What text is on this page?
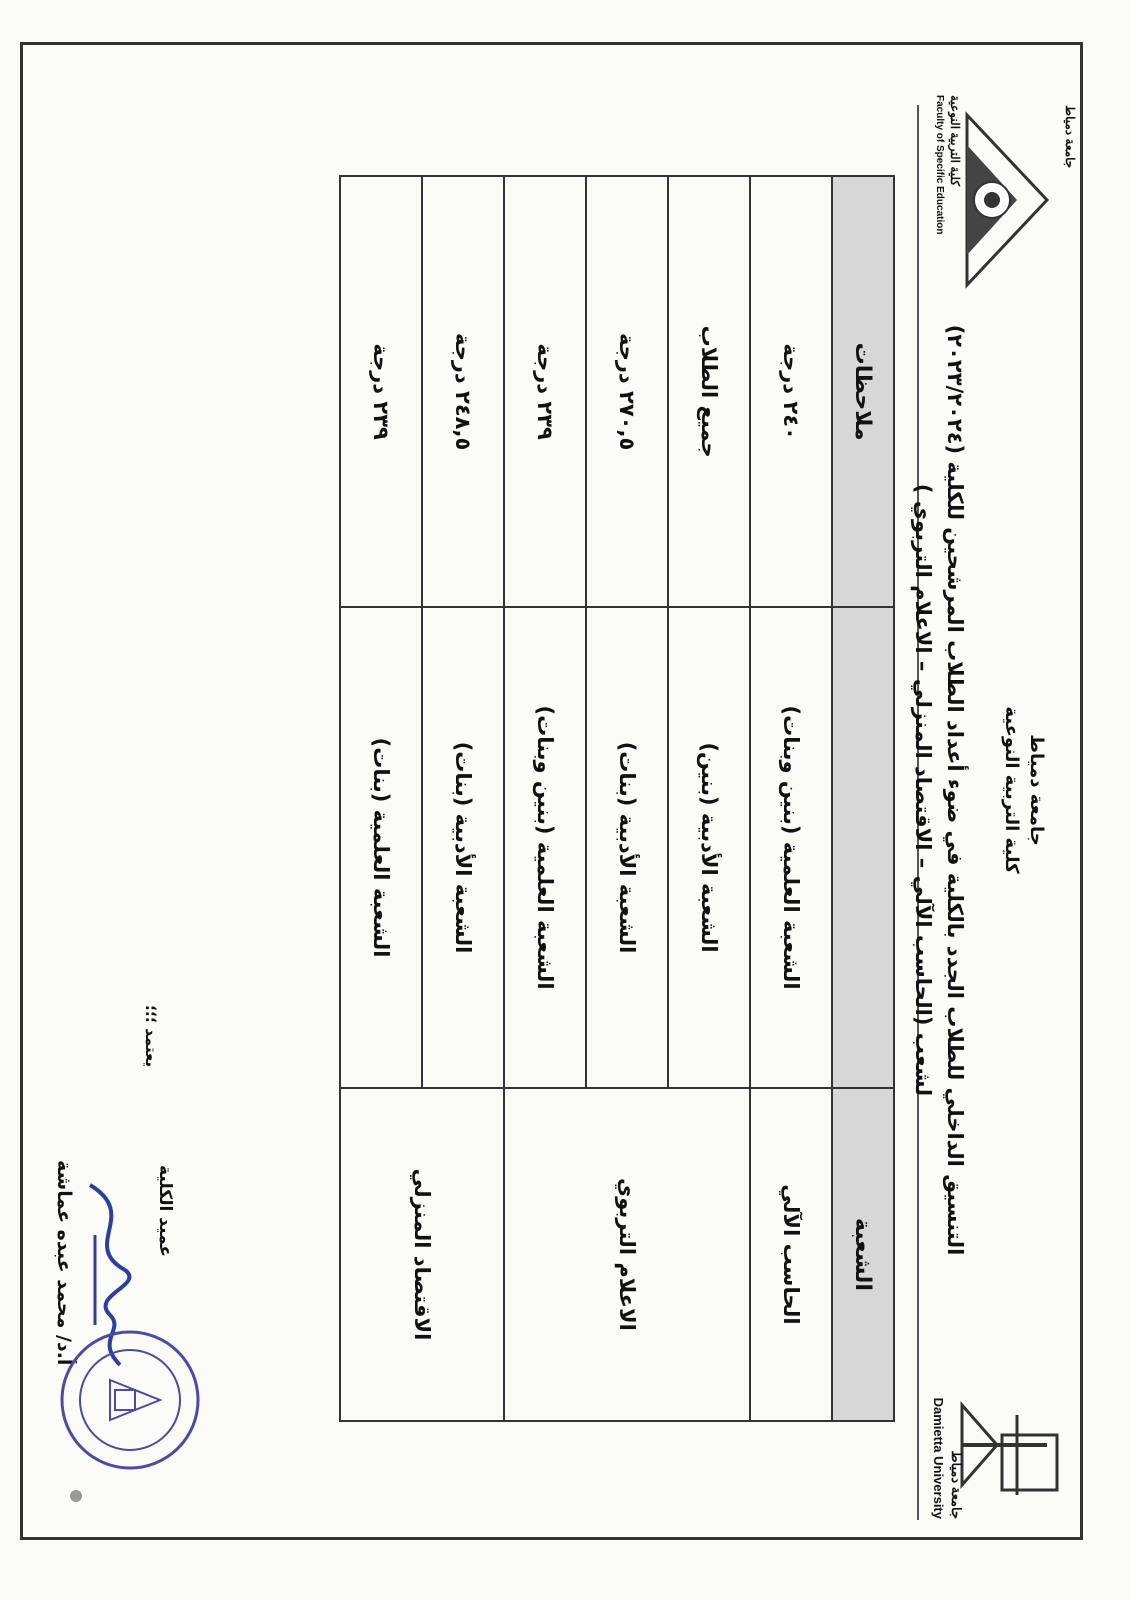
جامعة دمياط
Damietta University
جامعة دمياط
كلية التربية النوعية
Faculty of Specific Education
جامعة دمياط
كلية التربية النوعية
التنسيق الداخلي للطلاب الجدد بالكلية في ضوء أعداد الطلاب المرشحين للكلية (٢٠٢٣/٢٠٢٤)
لشعب (الحاسب الآلي – الاقتصاد المنزلي – الاعلام التربوي )
الشعبة		ملاحظات
الحاسب الآلي	الشعبة العلمية (بنين وبنات)	٢٤٠ درجة
الاعلام التربوي	الشعبة الأدبية (بنين)	جميع الطلاب
	الشعبة الأدبية (بنات)	٢٧٠,٥ درجة
	الشعبة العلمية (بنين وبنات)	٢٣٩ درجة
الاقتصاد المنزلي	الشعبة الأدبية (بنات)	٢٤٨,٥ درجة
	الشعبة العلمية (بنات)	٢٣٩ درجة
يعتمد ؛؛؛
عميد الكلية
أ.د/ محمد عبده عماشة
